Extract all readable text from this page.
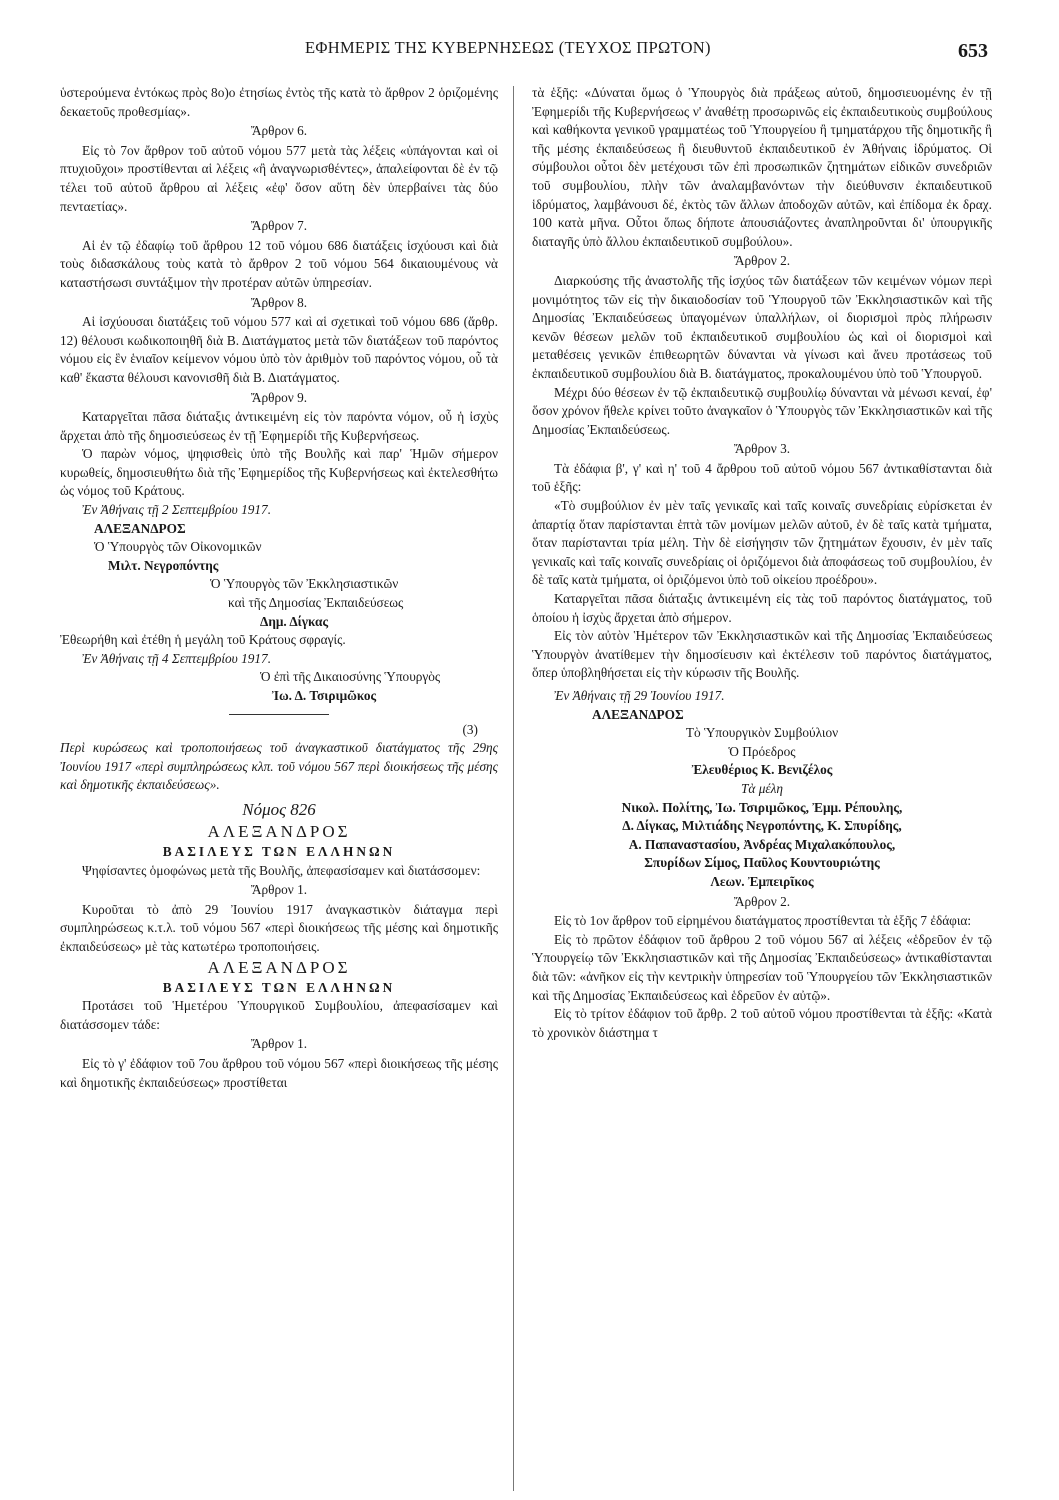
ΕΦΗΜΕΡΙΣ ΤΗΣ ΚΥΒΕΡΝΗΣΕΩΣ (ΤΕΥΧΟΣ ΠΡΩΤΟΝ)	653

ὑστερούμενα ἐντόκως πρὸς 8ο)ο ἐτησίως ἐντὸς τῆς κατὰ τὸ ἄρθρον 2 ὁριζομένης δεκαετοῦς προθεσμίας».

Ἄρθρον 6.

Εἰς τὸ 7ον ἄρθρον τοῦ αὐτοῦ νόμου 577 μετὰ τὰς λέξεις «ὑπάγονται καὶ οἱ πτυχιοῦχοι» προστίθενται αἱ λέξεις «ἢ ἀναγνωρισθέντες», ἀπαλείφονται δὲ ἐν τῷ τέλει τοῦ αὐτοῦ ἄρθρου αἱ λέξεις «ἐφ' ὅσον αὕτη δὲν ὑπερβαίνει τὰς δύο πενταετίας».

Ἄρθρον 7.

Αἱ ἐν τῷ ἐδαφίῳ τοῦ ἄρθρου 12 τοῦ νόμου 686 διατάξεις ἰσχύουσι καὶ διὰ τοὺς διδασκάλους τοὺς κατὰ τὸ ἄρθρον 2 τοῦ νόμου 564 δικαιουμένους νὰ καταστήσωσι συντάξιμον τὴν προτέραν αὐτῶν ὑπηρεσίαν.

Ἄρθρον 8.

Αἱ ἰσχύουσαι διατάξεις τοῦ νόμου 577 καὶ αἱ σχετικαὶ τοῦ νόμου 686 (ἄρθρ. 12) θέλουσι κωδικοποιηθῆ διὰ Β. Διατάγματος μετὰ τῶν διατάξεων τοῦ παρόντος νόμου εἰς ἓν ἑνιαῖον κείμενον νόμου ὑπὸ τὸν ἀριθμὸν τοῦ παρόντος νόμου, οὗ τὰ καθ' ἕκαστα θέλουσι κανονισθῆ διὰ Β. Διατάγματος.

Ἄρθρον 9.

Καταργεῖται πᾶσα διάταξις ἀντικειμένη εἰς τὸν παρόντα νόμον, οὗ ἡ ἰσχὺς ἄρχεται ἀπὸ τῆς δημοσιεύσεως ἐν τῇ Ἐφημερίδι τῆς Κυβερνήσεως.

Ὁ παρὼν νόμος, ψηφισθεὶς ὑπὸ τῆς Βουλῆς καὶ παρ' Ἡμῶν σήμερον κυρωθείς, δημοσιευθήτω διὰ τῆς Ἐφημερίδος τῆς Κυβερνήσεως καὶ ἐκτελεσθήτω ὡς νόμος τοῦ Κράτους.

Ἐν Ἀθήναις τῇ 2 Σεπτεμβρίου 1917.

ΑΛΕΞΑΝΔΡΟΣ

Ὁ Ὑπουργὸς τῶν Οἰκονομικῶν

Μιλτ. Νεγροπόντης

Ὁ Ὑπουργὸς τῶν Ἐκκλησιαστικῶν

καὶ τῆς Δημοσίας Ἐκπαιδεύσεως

Δημ. Δίγκας

Ἐθεωρήθη καὶ ἐτέθη ἡ μεγάλη τοῦ Κράτους σφραγίς.

Ἐν Ἀθήναις τῇ 4 Σεπτεμβρίου 1917.

Ὁ ἐπὶ τῆς Δικαιοσύνης Ὑπουργὸς

Ἰω. Δ. Τσιριμῶκος

(3)

Περὶ κυρώσεως καὶ τροποποιήσεως τοῦ ἀναγκαστικοῦ διατάγματος τῆς 29ης Ἰουνίου 1917 «περὶ συμπληρώσεως κλπ. τοῦ νόμου 567 περὶ διοικήσεως τῆς μέσης καὶ δημοτικῆς ἐκπαιδεύσεως».

Νόμος 826

ΑΛΕΞΑΝΔΡΟΣ

ΒΑΣΙΛΕΥΣ ΤΩΝ ΕΛΛΗΝΩΝ

Ψηφίσαντες ὁμοφώνως μετὰ τῆς Βουλῆς, ἀπεφασίσαμεν καὶ διατάσσομεν:

Ἄρθρον 1.

Κυροῦται τὸ ἀπὸ 29 Ἰουνίου 1917 ἀναγκαστικὸν διάταγμα περὶ συμπληρώσεως κ.τ.λ. τοῦ νόμου 567 «περὶ διοικήσεως τῆς μέσης καὶ δημοτικῆς ἐκπαιδεύσεως» μὲ τὰς κατωτέρω τροποποιήσεις.

ΑΛΕΞΑΝΔΡΟΣ

ΒΑΣΙΛΕΥΣ ΤΩΝ ΕΛΛΗΝΩΝ

Προτάσει τοῦ Ἡμετέρου Ὑπουργικοῦ Συμβουλίου, ἀπεφασίσαμεν καὶ διατάσσομεν τάδε:

Ἄρθρον 1.

Εἰς τὸ γ' ἐδάφιον τοῦ 7ου ἄρθρου τοῦ νόμου 567 «περὶ διοικήσεως τῆς μέσης καὶ δημοτικῆς ἐκπαιδεύσεως» προστίθεται

τὰ ἑξῆς: «Δύναται ὅμως ὁ Ὑπουργὸς διὰ πράξεως αὐτοῦ, δημοσιευομένης ἐν τῇ Ἐφημερίδι τῆς Κυβερνήσεως ν' ἀναθέτῃ προσωρινῶς εἰς ἐκπαιδευτικοὺς συμβούλους καὶ καθήκοντα γενικοῦ γραμματέως τοῦ Ὑπουργείου ἢ τμηματάρχου τῆς δημοτικῆς ἢ τῆς μέσης ἐκπαιδεύσεως ἢ διευθυντοῦ ἐκπαιδευτικοῦ ἐν Ἀθήναις ἱδρύματος. Οἱ σύμβουλοι οὗτοι δὲν μετέχουσι τῶν ἐπὶ προσωπικῶν ζητημάτων εἰδικῶν συνεδριῶν τοῦ συμβουλίου, πλὴν τῶν ἀναλαμβανόντων τὴν διεύθυνσιν ἐκπαιδευτικοῦ ἱδρύματος, λαμβάνουσι δέ, ἐκτὸς τῶν ἄλλων ἀποδοχῶν αὐτῶν, καὶ ἐπίδομα ἐκ δραχ. 100 κατὰ μῆνα. Οὗτοι ὅπως δήποτε ἀπουσιάζοντες ἀναπληροῦνται δι' ὑπουργικῆς διαταγῆς ὑπὸ ἄλλου ἐκπαιδευτικοῦ συμβούλου».

Ἄρθρον 2.

Διαρκούσης τῆς ἀναστολῆς τῆς ἰσχύος τῶν διατάξεων τῶν κειμένων νόμων περὶ μονιμότητος τῶν εἰς τὴν δικαιοδοσίαν τοῦ Ὑπουργοῦ τῶν Ἐκκλησιαστικῶν καὶ τῆς Δημοσίας Ἐκπαιδεύσεως ὑπαγομένων ὑπαλλήλων, οἱ διορισμοὶ πρὸς πλήρωσιν κενῶν θέσεων μελῶν τοῦ ἐκπαιδευτικοῦ συμβουλίου ὡς καὶ οἱ διορισμοὶ καὶ μεταθέσεις γενικῶν ἐπιθεωρητῶν δύνανται νὰ γίνωσι καὶ ἄνευ προτάσεως τοῦ ἐκπαιδευτικοῦ συμβουλίου διὰ Β. διατάγματος, προκαλουμένου ὑπὸ τοῦ Ὑπουργοῦ.

Μέχρι δύο θέσεων ἐν τῷ ἐκπαιδευτικῷ συμβουλίῳ δύνανται νὰ μένωσι κεναί, ἐφ' ὅσον χρόνον ἤθελε κρίνει τοῦτο ἀναγκαῖον ὁ Ὑπουργὸς τῶν Ἐκκλησιαστικῶν καὶ τῆς Δημοσίας Ἐκπαιδεύσεως.

Ἄρθρον 3.

Τὰ ἐδάφια β', γ' καὶ η' τοῦ 4 ἄρθρου τοῦ αὐτοῦ νόμου 567 ἀντικαθίστανται διὰ τοῦ ἑξῆς:

«Τὸ συμβούλιον ἐν μὲν ταῖς γενικαῖς καὶ ταῖς κοιναῖς συνεδρίαις εὑρίσκεται ἐν ἀπαρτίᾳ ὅταν παρίστανται ἑπτὰ τῶν μονίμων μελῶν αὐτοῦ, ἐν δὲ ταῖς κατὰ τμήματα, ὅταν παρίστανται τρία μέλη. Τὴν δὲ εἰσήγησιν τῶν ζητημάτων ἔχουσιν, ἐν μὲν ταῖς γενικαῖς καὶ ταῖς κοιναῖς συνεδρίαις οἱ ὁριζόμενοι διὰ ἀποφάσεως τοῦ συμβουλίου, ἐν δὲ ταῖς κατὰ τμήματα, οἱ ὁριζόμενοι ὑπὸ τοῦ οἰκείου προέδρου».

Καταργεῖται πᾶσα διάταξις ἀντικειμένη εἰς τὰς τοῦ παρόντος διατάγματος, τοῦ ὁποίου ἡ ἰσχὺς ἄρχεται ἀπὸ σήμερον.

Εἰς τὸν αὐτὸν Ἡμέτερον τῶν Ἐκκλησιαστικῶν καὶ τῆς Δημοσίας Ἐκπαιδεύσεως Ὑπουργὸν ἀνατίθεμεν τὴν δημοσίευσιν καὶ ἐκτέλεσιν τοῦ παρόντος διατάγματος, ὅπερ ὑποβληθήσεται εἰς τὴν κύρωσιν τῆς Βουλῆς.

Ἐν Ἀθήναις τῇ 29 Ἰουνίου 1917.

ΑΛΕΞΑΝΔΡΟΣ

Τὸ Ὑπουργικὸν Συμβούλιον

Ὁ Πρόεδρος

Ἐλευθέριος Κ. Βενιζέλος

Τὰ μέλη

Νικολ. Πολίτης, Ἰω. Τσιριμῶκος, Ἐμμ. Ρέπουλης,

Δ. Δίγκας, Μιλτιάδης Νεγροπόντης, Κ. Σπυρίδης,

Α. Παπαναστασίου, Ἀνδρέας Μιχαλακόπουλος,

Σπυρίδων Σίμος, Παῦλος Κουντουριώτης

Λεων. Ἐμπειρῖκος

Ἄρθρον 2.

Εἰς τὸ 1ον ἄρθρον τοῦ εἰρημένου διατάγματος προστίθενται τὰ ἑξῆς 7 ἐδάφια:

Εἰς τὸ πρῶτον ἐδάφιον τοῦ ἄρθρου 2 τοῦ νόμου 567 αἱ λέξεις «ἑδρεῦον ἐν τῷ Ὑπουργείῳ τῶν Ἐκκλησιαστικῶν καὶ τῆς Δημοσίας Ἐκπαιδεύσεως» ἀντικαθίστανται διὰ τῶν: «ἀνῆκον εἰς τὴν κεντρικὴν ὑπηρεσίαν τοῦ Ὑπουργείου τῶν Ἐκκλησιαστικῶν καὶ τῆς Δημοσίας Ἐκπαιδεύσεως καὶ ἑδρεῦον ἐν αὐτῷ».

Εἰς τὸ τρίτον ἐδάφιον τοῦ ἄρθρ. 2 τοῦ αὐτοῦ νόμου προστίθενται τὰ ἑξῆς: «Κατὰ τὸ χρονικὸν διάστημα τ
